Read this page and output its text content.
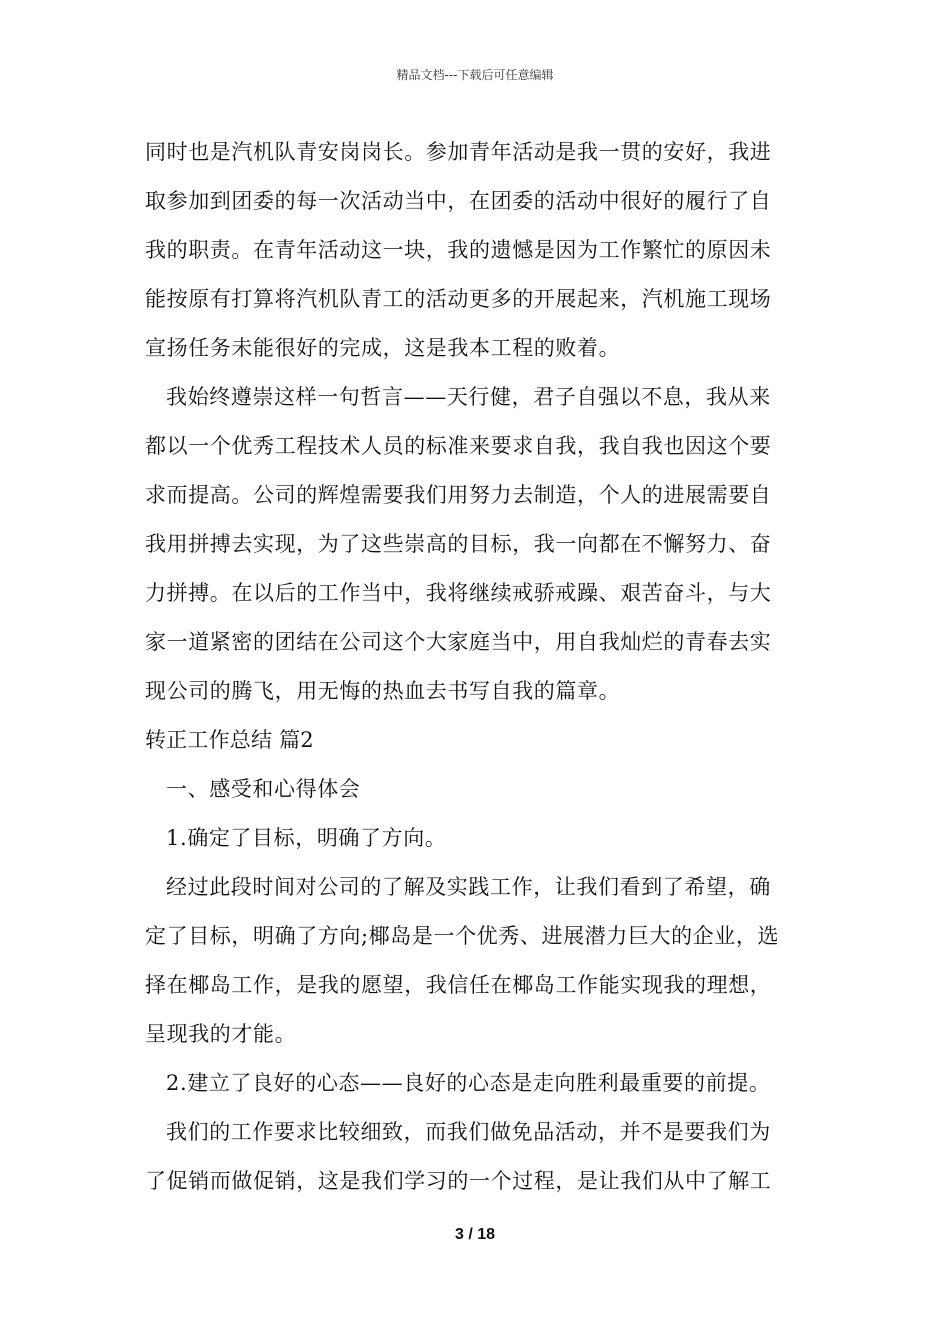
精品文档---下载后可任意编辑
同时也是汽机队青安岗岗长。参加青年活动是我一贯的安好，我进
取参加到团委的每一次活动当中，在团委的活动中很好的履行了自
我的职责。在青年活动这一块，我的遗憾是因为工作繁忙的原因未
能按原有打算将汽机队青工的活动更多的开展起来，汽机施工现场
宣扬任务未能很好的完成，这是我本工程的败着。
我始终遵崇这样一句哲言——天行健，君子自强以不息，我从来
都以一个优秀工程技术人员的标准来要求自我，我自我也因这个要
求而提高。公司的辉煌需要我们用努力去制造，个人的进展需要自
我用拼搏去实现，为了这些崇高的目标，我一向都在不懈努力、奋
力拼搏。在以后的工作当中，我将继续戒骄戒躁、艰苦奋斗，与大
家一道紧密的团结在公司这个大家庭当中，用自我灿烂的青春去实
现公司的腾飞，用无悔的热血去书写自我的篇章。
转正工作总结 篇2
一、感受和心得体会
1.确定了目标，明确了方向。
经过此段时间对公司的了解及实践工作，让我们看到了希望，确
定了目标，明确了方向;椰岛是一个优秀、进展潜力巨大的企业，选
择在椰岛工作，是我的愿望，我信任在椰岛工作能实现我的理想，
呈现我的才能。
2.建立了良好的心态——良好的心态是走向胜利最重要的前提。
我们的工作要求比较细致，而我们做免品活动，并不是要我们为
了促销而做促销，这是我们学习的一个过程，是让我们从中了解工
3 / 18
